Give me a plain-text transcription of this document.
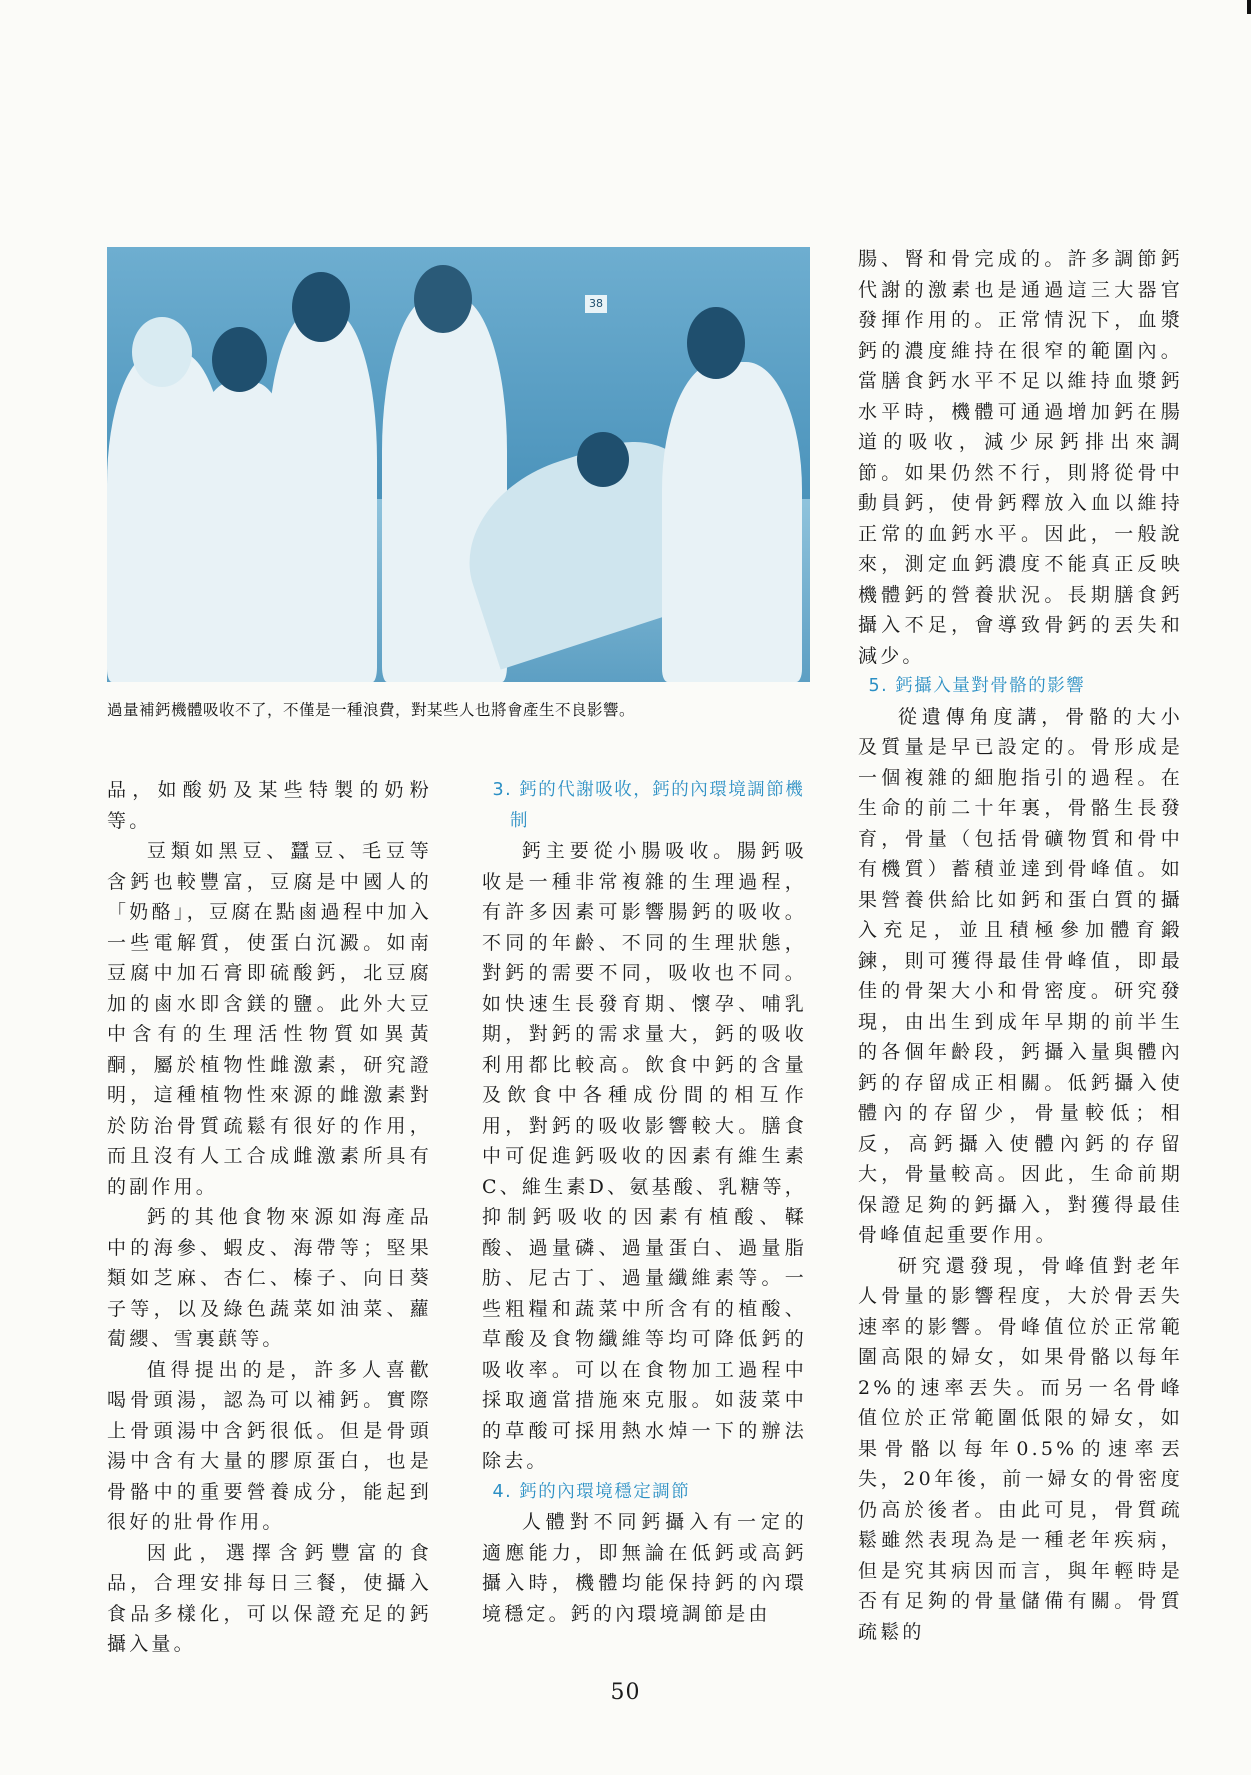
38
過量補鈣機體吸收不了，不僅是一種浪費，對某些人也將會產生不良影響。

品，如酸奶及某些特製的奶粉等。

豆類如黑豆、蠶豆、毛豆等含鈣也較豐富，豆腐是中國人的「奶酪」，豆腐在點鹵過程中加入一些電解質，使蛋白沉澱。如南豆腐中加石膏即硫酸鈣，北豆腐加的鹵水即含鎂的鹽。此外大豆中含有的生理活性物質如異黃酮，屬於植物性雌激素，研究證明，這種植物性來源的雌激素對於防治骨質疏鬆有很好的作用，而且沒有人工合成雌激素所具有的副作用。

鈣的其他食物來源如海產品中的海參、蝦皮、海帶等；堅果類如芝麻、杏仁、榛子、向日葵子等，以及綠色蔬菜如油菜、蘿蔔纓、雪裏蕻等。

值得提出的是，許多人喜歡喝骨頭湯，認為可以補鈣。實際上骨頭湯中含鈣很低。但是骨頭湯中含有大量的膠原蛋白，也是骨骼中的重要營養成分，能起到很好的壯骨作用。

因此，選擇含鈣豐富的食品，合理安排每日三餐，使攝入食品多樣化，可以保證充足的鈣攝入量。

3. 鈣的代謝吸收，鈣的內環境調節機制

鈣主要從小腸吸收。腸鈣吸收是一種非常複雜的生理過程，有許多因素可影響腸鈣的吸收。不同的年齡、不同的生理狀態，對鈣的需要不同，吸收也不同。如快速生長發育期、懷孕、哺乳期，對鈣的需求量大，鈣的吸收利用都比較高。飲食中鈣的含量及飲食中各種成份間的相互作用，對鈣的吸收影響較大。膳食中可促進鈣吸收的因素有維生素C、維生素D、氨基酸、乳糖等，抑制鈣吸收的因素有植酸、鞣酸、過量磷、過量蛋白、過量脂肪、尼古丁、過量纖維素等。一些粗糧和蔬菜中所含有的植酸、草酸及食物纖維等均可降低鈣的吸收率。可以在食物加工過程中採取適當措施來克服。如菠菜中的草酸可採用熱水焯一下的辦法除去。

4. 鈣的內環境穩定調節

人體對不同鈣攝入有一定的適應能力，即無論在低鈣或高鈣攝入時，機體均能保持鈣的內環境穩定。鈣的內環境調節是由

腸、腎和骨完成的。許多調節鈣代謝的激素也是通過這三大器官發揮作用的。正常情況下，血漿鈣的濃度維持在很窄的範圍內。當膳食鈣水平不足以維持血漿鈣水平時，機體可通過增加鈣在腸道的吸收，減少尿鈣排出來調節。如果仍然不行，則將從骨中動員鈣，使骨鈣釋放入血以維持正常的血鈣水平。因此，一般說來，測定血鈣濃度不能真正反映機體鈣的營養狀況。長期膳食鈣攝入不足，會導致骨鈣的丟失和減少。

5. 鈣攝入量對骨骼的影響

從遺傳角度講，骨骼的大小及質量是早已設定的。骨形成是一個複雜的細胞指引的過程。在生命的前二十年裏，骨骼生長發育，骨量（包括骨礦物質和骨中有機質）蓄積並達到骨峰值。如果營養供給比如鈣和蛋白質的攝入充足，並且積極參加體育鍛鍊，則可獲得最佳骨峰值，即最佳的骨架大小和骨密度。研究發現，由出生到成年早期的前半生的各個年齡段，鈣攝入量與體內鈣的存留成正相關。低鈣攝入使體內的存留少，骨量較低；相反，高鈣攝入使體內鈣的存留大，骨量較高。因此，生命前期保證足夠的鈣攝入，對獲得最佳骨峰值起重要作用。

研究還發現，骨峰值對老年人骨量的影響程度，大於骨丟失速率的影響。骨峰值位於正常範圍高限的婦女，如果骨骼以每年2%的速率丟失。而另一名骨峰值位於正常範圍低限的婦女，如果骨骼以每年0.5%的速率丟失，20年後，前一婦女的骨密度仍高於後者。由此可見，骨質疏鬆雖然表現為是一種老年疾病，但是究其病因而言，與年輕時是否有足夠的骨量儲備有關。骨質疏鬆的

50
